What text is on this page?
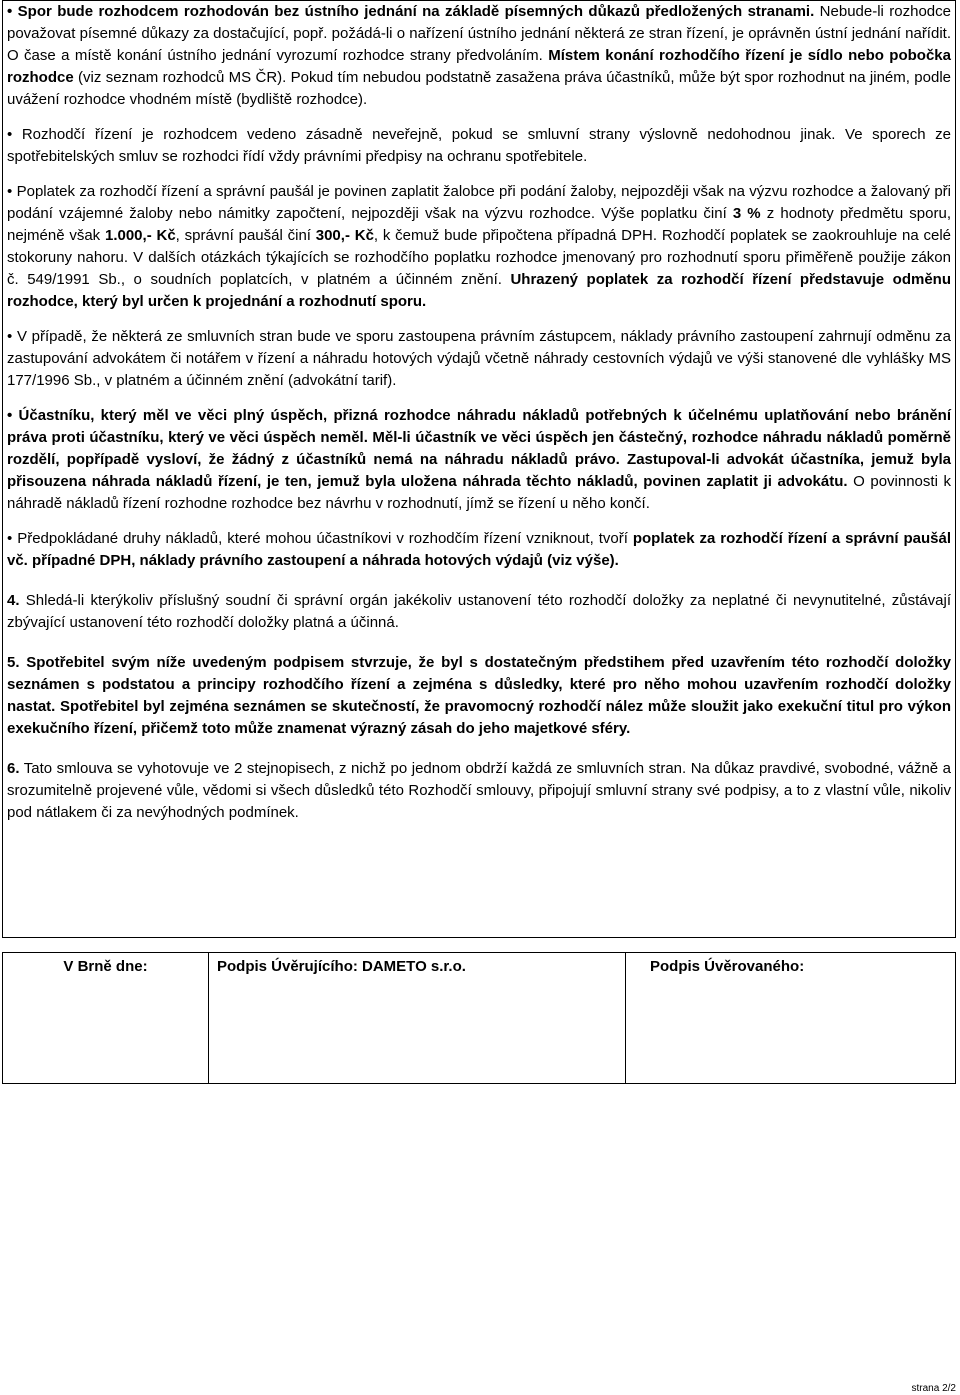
• Spor bude rozhodcem rozhodován bez ústního jednání na základě písemných důkazů předložených stranami. Nebude-li rozhodce považovat písemné důkazy za dostačující, popř. požádá-li o nařízení ústního jednání některá ze stran řízení, je oprávněn ústní jednání nařídit. O čase a místě konání ústního jednání vyrozumí rozhodce strany předvoláním. Místem konání rozhodčího řízení je sídlo nebo pobočka rozhodce (viz seznam rozhodců MS ČR). Pokud tím nebudou podstatně zasažena práva účastníků, může být spor rozhodnut na jiném, podle uvážení rozhodce vhodném místě (bydliště rozhodce).

• Rozhodčí řízení je rozhodcem vedeno zásadně neveřejně, pokud se smluvní strany výslovně nedohodnou jinak. Ve sporech ze spotřebitelských smluv se rozhodci řídí vždy právními předpisy na ochranu spotřebitele.

• Poplatek za rozhodčí řízení a správní paušál je povinen zaplatit žalobce při podání žaloby, nejpozději však na výzvu rozhodce a žalovaný při podání vzájemné žaloby nebo námitky započtení, nejpozději však na výzvu rozhodce. Výše poplatku činí 3 % z hodnoty předmětu sporu, nejméně však 1.000,- Kč, správní paušál činí 300,- Kč, k čemuž bude připočtena případná DPH. Rozhodčí poplatek se zaokrouhluje na celé stokoruny nahoru. V dalších otázkách týkajících se rozhodčího poplatku rozhodce jmenovaný pro rozhodnutí sporu přiměřeně použije zákon č. 549/1991 Sb., o soudních poplatcích, v platném a účinném znění. Uhrazený poplatek za rozhodčí řízení představuje odměnu rozhodce, který byl určen k projednání a rozhodnutí sporu.

• V případě, že některá ze smluvních stran bude ve sporu zastoupena právním zástupcem, náklady právního zastoupení zahrnují odměnu za zastupování advokátem či notářem v řízení a náhradu hotových výdajů včetně náhrady cestovních výdajů ve výši stanovené dle vyhlášky MS 177/1996 Sb., v platném a účinném znění (advokátní tarif).

• Účastníku, který měl ve věci plný úspěch, přizná rozhodce náhradu nákladů potřebných k účelnému uplatňování nebo bránění práva proti účastníku, který ve věci úspěch neměl. Měl-li účastník ve věci úspěch jen částečný, rozhodce náhradu nákladů poměrně rozdělí, popřípadě vysloví, že žádný z účastníků nemá na náhradu nákladů právo. Zastupoval-li advokát účastníka, jemuž byla přisouzena náhrada nákladů řízení, je ten, jemuž byla uložena náhrada těchto nákladů, povinen zaplatit ji advokátu. O povinnosti k náhradě nákladů řízení rozhodne rozhodce bez návrhu v rozhodnutí, jímž se řízení u něho končí.

• Předpokládané druhy nákladů, které mohou účastníkovi v rozhodčím řízení vzniknout, tvoří poplatek za rozhodčí řízení a správní paušál vč. případné DPH, náklady právního zastoupení a náhrada hotových výdajů (viz výše).

4. Shledá-li kterýkoliv příslušný soudní či správní orgán jakékoliv ustanovení této rozhodčí doložky za neplatné či nevynutitelné, zůstávají zbývající ustanovení této rozhodčí doložky platná a účinná.

5. Spotřebitel svým níže uvedeným podpisem stvrzuje, že byl s dostatečným předstihem před uzavřením této rozhodčí doložky seznámen s podstatou a principy rozhodčího řízení a zejména s důsledky, které pro něho mohou uzavřením rozhodčí doložky nastat. Spotřebitel byl zejména seznámen se skutečností, že pravomocný rozhodčí nález může sloužit jako exekuční titul pro výkon exekučního řízení, přičemž toto může znamenat výrazný zásah do jeho majetkové sféry.

6. Tato smlouva se vyhotovuje ve 2 stejnopisech, z nichž po jednom obdrží každá ze smluvních stran. Na důkaz pravdivé, svobodné, vážně a srozumitelně projevené vůle, vědomi si všech důsledků této Rozhodčí smlouvy, připojují smluvní strany své podpisy, a to z vlastní vůle, nikoliv pod nátlakem či za nevýhodných podmínek.

V Brně dne:	Podpis Úvěrujícího: DAMETO s.r.o.	Podpis Úvěrovaného:
strana 2/2
